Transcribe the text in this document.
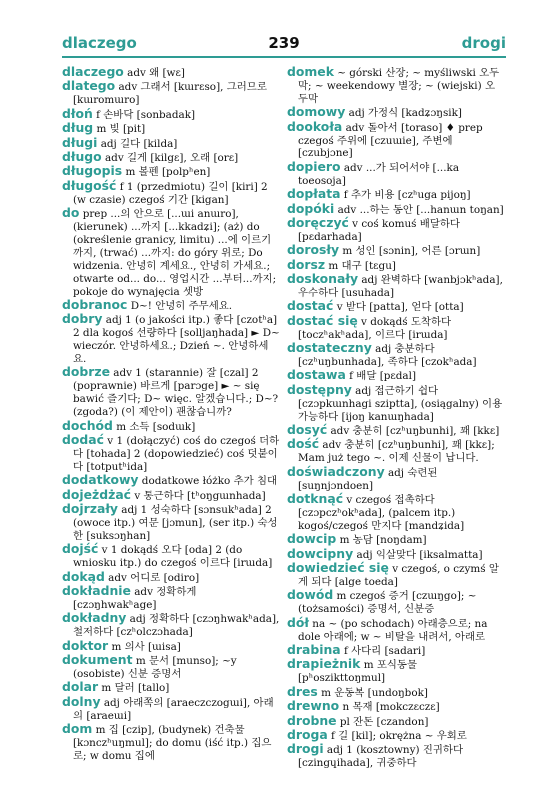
dlaczego	239	drogi
dlaczego adv 왜 [wɛ]
dlatego adv 그래서 [kɯrɛso], 그러므로 [kɯromɯro]
dłoń f 손바닥 [sonbadak]
dług m 빚 [pit]
długi adj 길다 [kilda]
długo adv 길게 [kilgɛ], 오래 [orɛ]
długopis m 볼펜 [polpʰen]
długość f 1 (przedmiotu) 길이 [kiri] 2 (w czasie) czegoś 기간 [kigan]
do prep ...의 안으로 [...ɯi anɯro], (kierunek) ...까지 [...kkadʑi]; (aż) do (określenie granicy, limitu) ...에 이르기까지, (trwać) ...까지: do góry 위로; Do widzenia. 안녕히 계세요., 안녕히 가세요.; otwarte od... do... 영업시간 ...부터...까지; pokoje do wynajęcia 셋방
dobranoc D~! 안녕히 주무세요.
dobry adj 1 (o jakości itp.) 좋다 [czotʰa] 2 dla kogoś 선량하다 [solljaŋhada] ► D~ wieczór. 안녕하세요.; Dzień ~. 안녕하세요.
dobrze adv 1 (starannie) 잘 [czal] 2 (poprawnie) 바르게 [parɔge] ► ~ się bawić 즐기다; D~ więc. 알겠습니다.; D~? (zgoda?) (이 제안이) 괜찮습니까?
dochód m 소득 [sodɯk]
dodać v 1 (dołączyć) coś do czegoś 더하다 [tohada] 2 (dopowiedzieć) coś 덧붙이다 [totputʰida]
dodatkowy dodatkowe łóżko 추가 침대
dojeżdżać v 통근하다 [tʰoŋgɯnhada]
dojrzały adj 1 성숙하다 [sɔnsukʰada] 2 (owoce itp.) 여문 [jɔmun], (ser itp.) 숙성한 [suksɔŋhan]
dojść v 1 dokądś 오다 [oda] 2 (do wniosku itp.) do czegoś 이르다 [irɯda]
dokąd adv 어디로 [odiro]
dokładnie adv 정확하게 [czɔŋhwakʰage]
dokładny adj 정확하다 [czɔŋhwakʰada], 철저하다 [czʰolczɔhada]
doktor m 의사 [ɯisa]
dokument m 문서 [munso]; ~y (osobiste) 신분 증명서
dolar m 달러 [tallo]
dolny adj 아래쪽의 [araeczczogɯi], 아래의 [araeɯi]
dom m 집 [czip], (budynek) 건축물 [kɔnczʰuŋmul]; do domu (iść itp.) 집으로; w domu 집에
domek ~ górski 산장; ~ myśliwski 오두막; ~ weekendowy 별장; ~ (wiejski) 오두막
domowy adj 가정식 [kadʑɔŋsik]
dookoła adv 돌아서 [toraso] ♦ prep czegoś 주위에 [czuɯie], 주변에 [czubjɔne]
dopiero adv ...가 되어서야 [...ka toeosoja]
dopłata f 추가 비용 [czʰuga pijoŋ]
dopóki adv ...하는 동안 [...hanɯn toŋan]
doręczyć v coś komuś 배달하다 [pɛdarhada]
dorosły m 성인 [sɔnin], 어른 [ɔrɯn]
dorsz m 대구 [tɛgu]
doskonały adj 완벽하다 [wanbjɔkʰada], 우수하다 [usuhada]
dostać v 받다 [patta], 얻다 [otta]
dostać się v dokądś 도착하다 [toczʰakʰada], 이르다 [irɯda]
dostateczny adj 충분하다 [czʰuŋbunhada], 족하다 [czokʰada]
dostawa f 배달 [pɛdal]
dostępny adj 접근하기 쉽다 [czɔpkɯnhagi sziptta], (osiągalny) 이용 가능하다 [ijoŋ kanɯŋhada]
dosyć adv 충분히 [czʰuŋbunhi], 꽤 [kkɛ]
dość adv 충분히 [czʰuŋbunhi], 꽤 [kkɛ]; Mam już tego ~. 이제 신물이 납니다.
doświadczony adj 숙련된 [suŋnjɔndoen]
dotknąć v czegoś 접촉하다 [czɔpczʰokʰada], (palcem itp.) kogoś/czegoś 만지다 [mandʑida]
dowcip m 농담 [noŋdam]
dowcipny adj 익살맞다 [iksalmatta]
dowiedzieć się v czegoś, o czymś 알게 되다 [alge toeda]
dowód m czegoś 증거 [czɯŋgo]; ~ (tożsamości) 증명서, 신분증
dół na ~ (po schodach) 아래층으로; na dole 아래에; w ~ 비탈을 내려서, 아래로
drabina f 사다리 [sadari]
drapieżnik m 포식동물 [pʰoszikttoŋmul]
dres m 운동복 [undoŋbok]
drewno n 목재 [mokczɛczɛ]
drobne pl 잔돈 [czandon]
droga f 길 [kil]; okrężna ~ 우회로
drogi adj 1 (kosztowny) 진귀하다 [czingɥihada], 귀중하다
